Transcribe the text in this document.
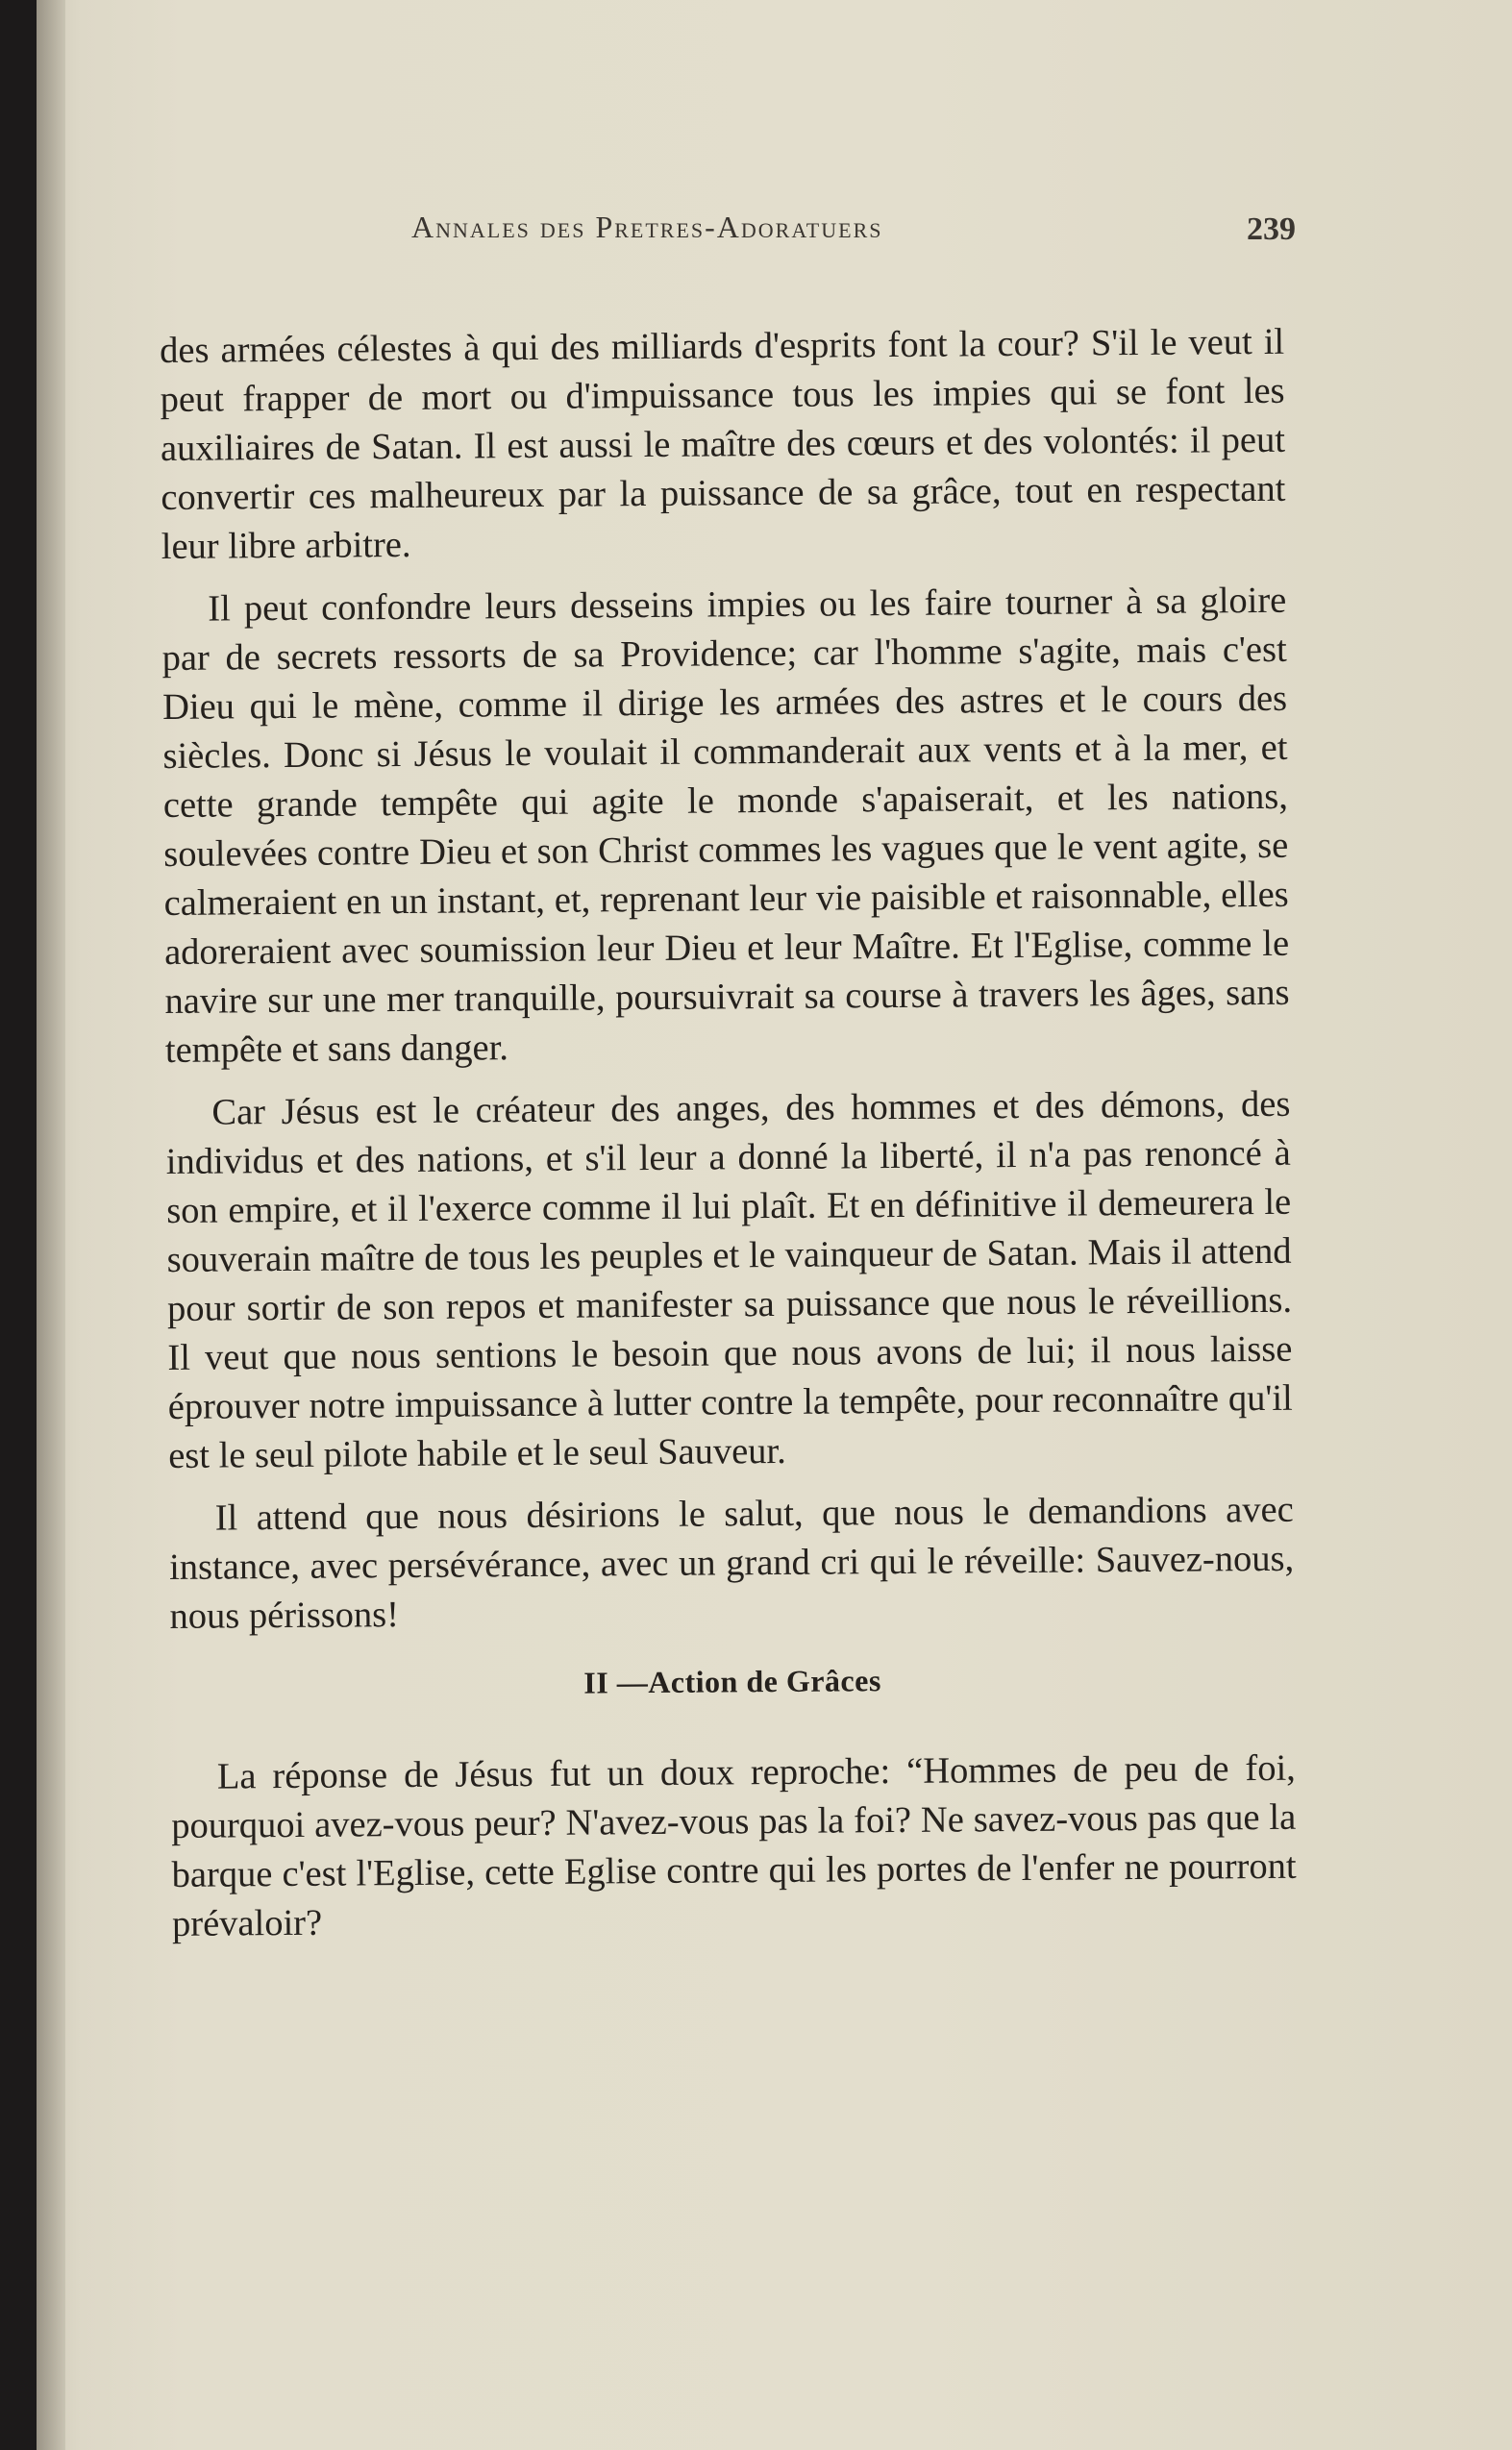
Annales des Pretres-Adoratuers	239

des armées célestes à qui des milliards d'esprits font la cour? S'il le veut il peut frapper de mort ou d'impuissance tous les impies qui se font les auxiliaires de Satan. Il est aussi le maître des cœurs et des volontés: il peut convertir ces malheureux par la puissance de sa grâce, tout en respectant leur libre arbitre.

Il peut confondre leurs desseins impies ou les faire tourner à sa gloire par de secrets ressorts de sa Providence; car l'homme s'agite, mais c'est Dieu qui le mène, comme il dirige les armées des astres et le cours des siècles. Donc si Jésus le voulait il commanderait aux vents et à la mer, et cette grande tempête qui agite le monde s'apaiserait, et les nations, soulevées contre Dieu et son Christ commes les vagues que le vent agite, se calmeraient en un instant, et, reprenant leur vie paisible et raisonnable, elles adoreraient avec soumission leur Dieu et leur Maître. Et l'Eglise, comme le navire sur une mer tranquille, poursuivrait sa course à travers les âges, sans tempête et sans danger.

Car Jésus est le créateur des anges, des hommes et des démons, des individus et des nations, et s'il leur a donné la liberté, il n'a pas renoncé à son empire, et il l'exerce comme il lui plaît. Et en définitive il demeurera le souverain maître de tous les peuples et le vainqueur de Satan. Mais il attend pour sortir de son repos et manifester sa puissance que nous le réveillions. Il veut que nous sentions le besoin que nous avons de lui; il nous laisse éprouver notre impuissance à lutter contre la tempête, pour reconnaître qu'il est le seul pilote habile et le seul Sauveur.

Il attend que nous désirions le salut, que nous le demandions avec instance, avec persévérance, avec un grand cri qui le réveille: Sauvez-nous, nous périssons!

II —Action de Grâces

La réponse de Jésus fut un doux reproche: “Hommes de peu de foi, pourquoi avez-vous peur? N'avez-vous pas la foi? Ne savez-vous pas que la barque c'est l'Eglise, cette Eglise contre qui les portes de l'enfer ne pourront prévaloir?
